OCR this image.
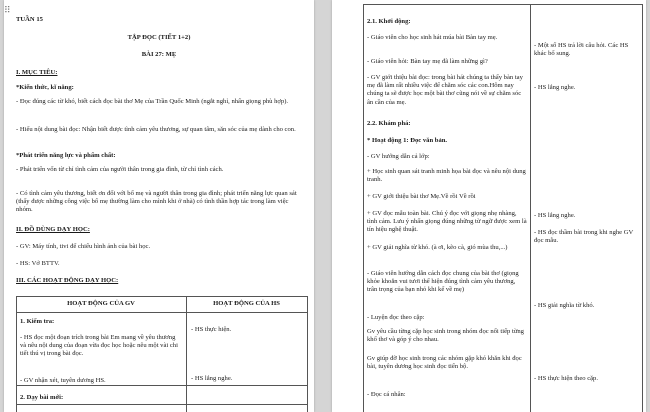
⠿
TUẦN 15
TẬP ĐỌC (TIẾT 1+2)
BÀI 27: MẸ
I. MỤC TIÊU:
*Kiến thức, kĩ năng:
- Đọc đúng các từ khó, biết cách đọc bài thơ Mẹ của Trần Quốc Minh (ngắt nghỉ, nhấn giọng phù hợp).
- Hiểu nội dung bài đọc: Nhận biết được tình cảm yêu thương, sự quan tâm, săn sóc của mẹ dành cho con.
*Phát triển năng lực và phẩm chất:
- Phát triển vốn từ chỉ tình cảm của người thân trong gia đình, từ chỉ tình cách.
- Có tình cảm yêu thương, biết ơn đối với bố mẹ và người thân trong gia đình; phát triển năng lực quan sát (thấy được những công việc bố mẹ thường làm cho mình khi ở nhà) có tình thần hợp tác trong làm việc nhóm.
II. ĐỒ DÙNG DẠY HỌC:
- GV: Máy tính, tivi để chiếu hình ảnh của bài học.
- HS: Vở BTTV.
III. CÁC HOẠT ĐỘNG DẠY HỌC:
HOẠT ĐỘNG CỦA GV	HOẠT ĐỘNG CỦA HS
1. Kiểm tra:
- HS đọc một đoạn trích trong bài Em mang về yêu thương và nêu nội dung của đoạn vừa đọc học hoặc nêu một vài chi tiết thú vị trong bài đọc.
- HS thực hiện.
- GV nhận xét, tuyên dương HS.	- HS lắng nghe.
2. Dạy bài mới:
2.1. Khởi động:
- Giáo viên cho học sinh hát múa bài Bàn tay mẹ.
- Một số HS trả lời câu hỏi. Các HS khác bổ sung.
- Giáo viên hỏi: Bàn tay mẹ đã làm những gì?
- GV giới thiệu bài đọc: trong bài hát chúng ta thấy bàn tay mẹ đã làm rất nhiều việc để chăm sóc các con.Hôm nay chúng ta sẽ được học một bài thơ cũng nói về sự chăm sóc ân cần của mẹ.
- HS lắng nghe.
2.2. Khám phá:
* Hoạt động 1: Đọc văn bản.
- GV hướng dẫn cả lớp:
+ Học sinh quan sát tranh minh họa bài đọc và nêu nội dung tranh.
+ GV giới thiệu bài thơ Mẹ.Về rồi Về rồi
+ GV đọc mẫu toàn bài. Chú ý đọc với giọng nhẹ nhàng, tình cảm. Lưu ý nhấn giọng đúng những từ ngữ được xem là tín hiệu nghệ thuật.
- HS lắng nghe.
- HS đọc thầm bài trong khi nghe GV đọc mẫu.
+ GV giải nghĩa từ khó. (à ơi, kẽo cà, gió mùa thu,...)
- Giáo viên hướng dẫn cách đọc chung của bài thơ (giọng khỏe khoắn vui tươi thể hiện đúng tình cảm yêu thương, trân trọng của bạn nhỏ khi kể về mẹ)
- HS giải nghĩa từ khó.
- Luyện đọc theo cặp:
Gv yêu cầu từng cặp học sinh trong nhóm đọc nối tiếp từng khổ thơ và góp ý cho nhau.
Gv giúp đỡ học sinh trong các nhóm gặp khó khăn khi đọc bài, tuyên dương học sinh đọc tiến bộ.
- HS thực hiện theo cặp.
- Đọc cá nhân:
